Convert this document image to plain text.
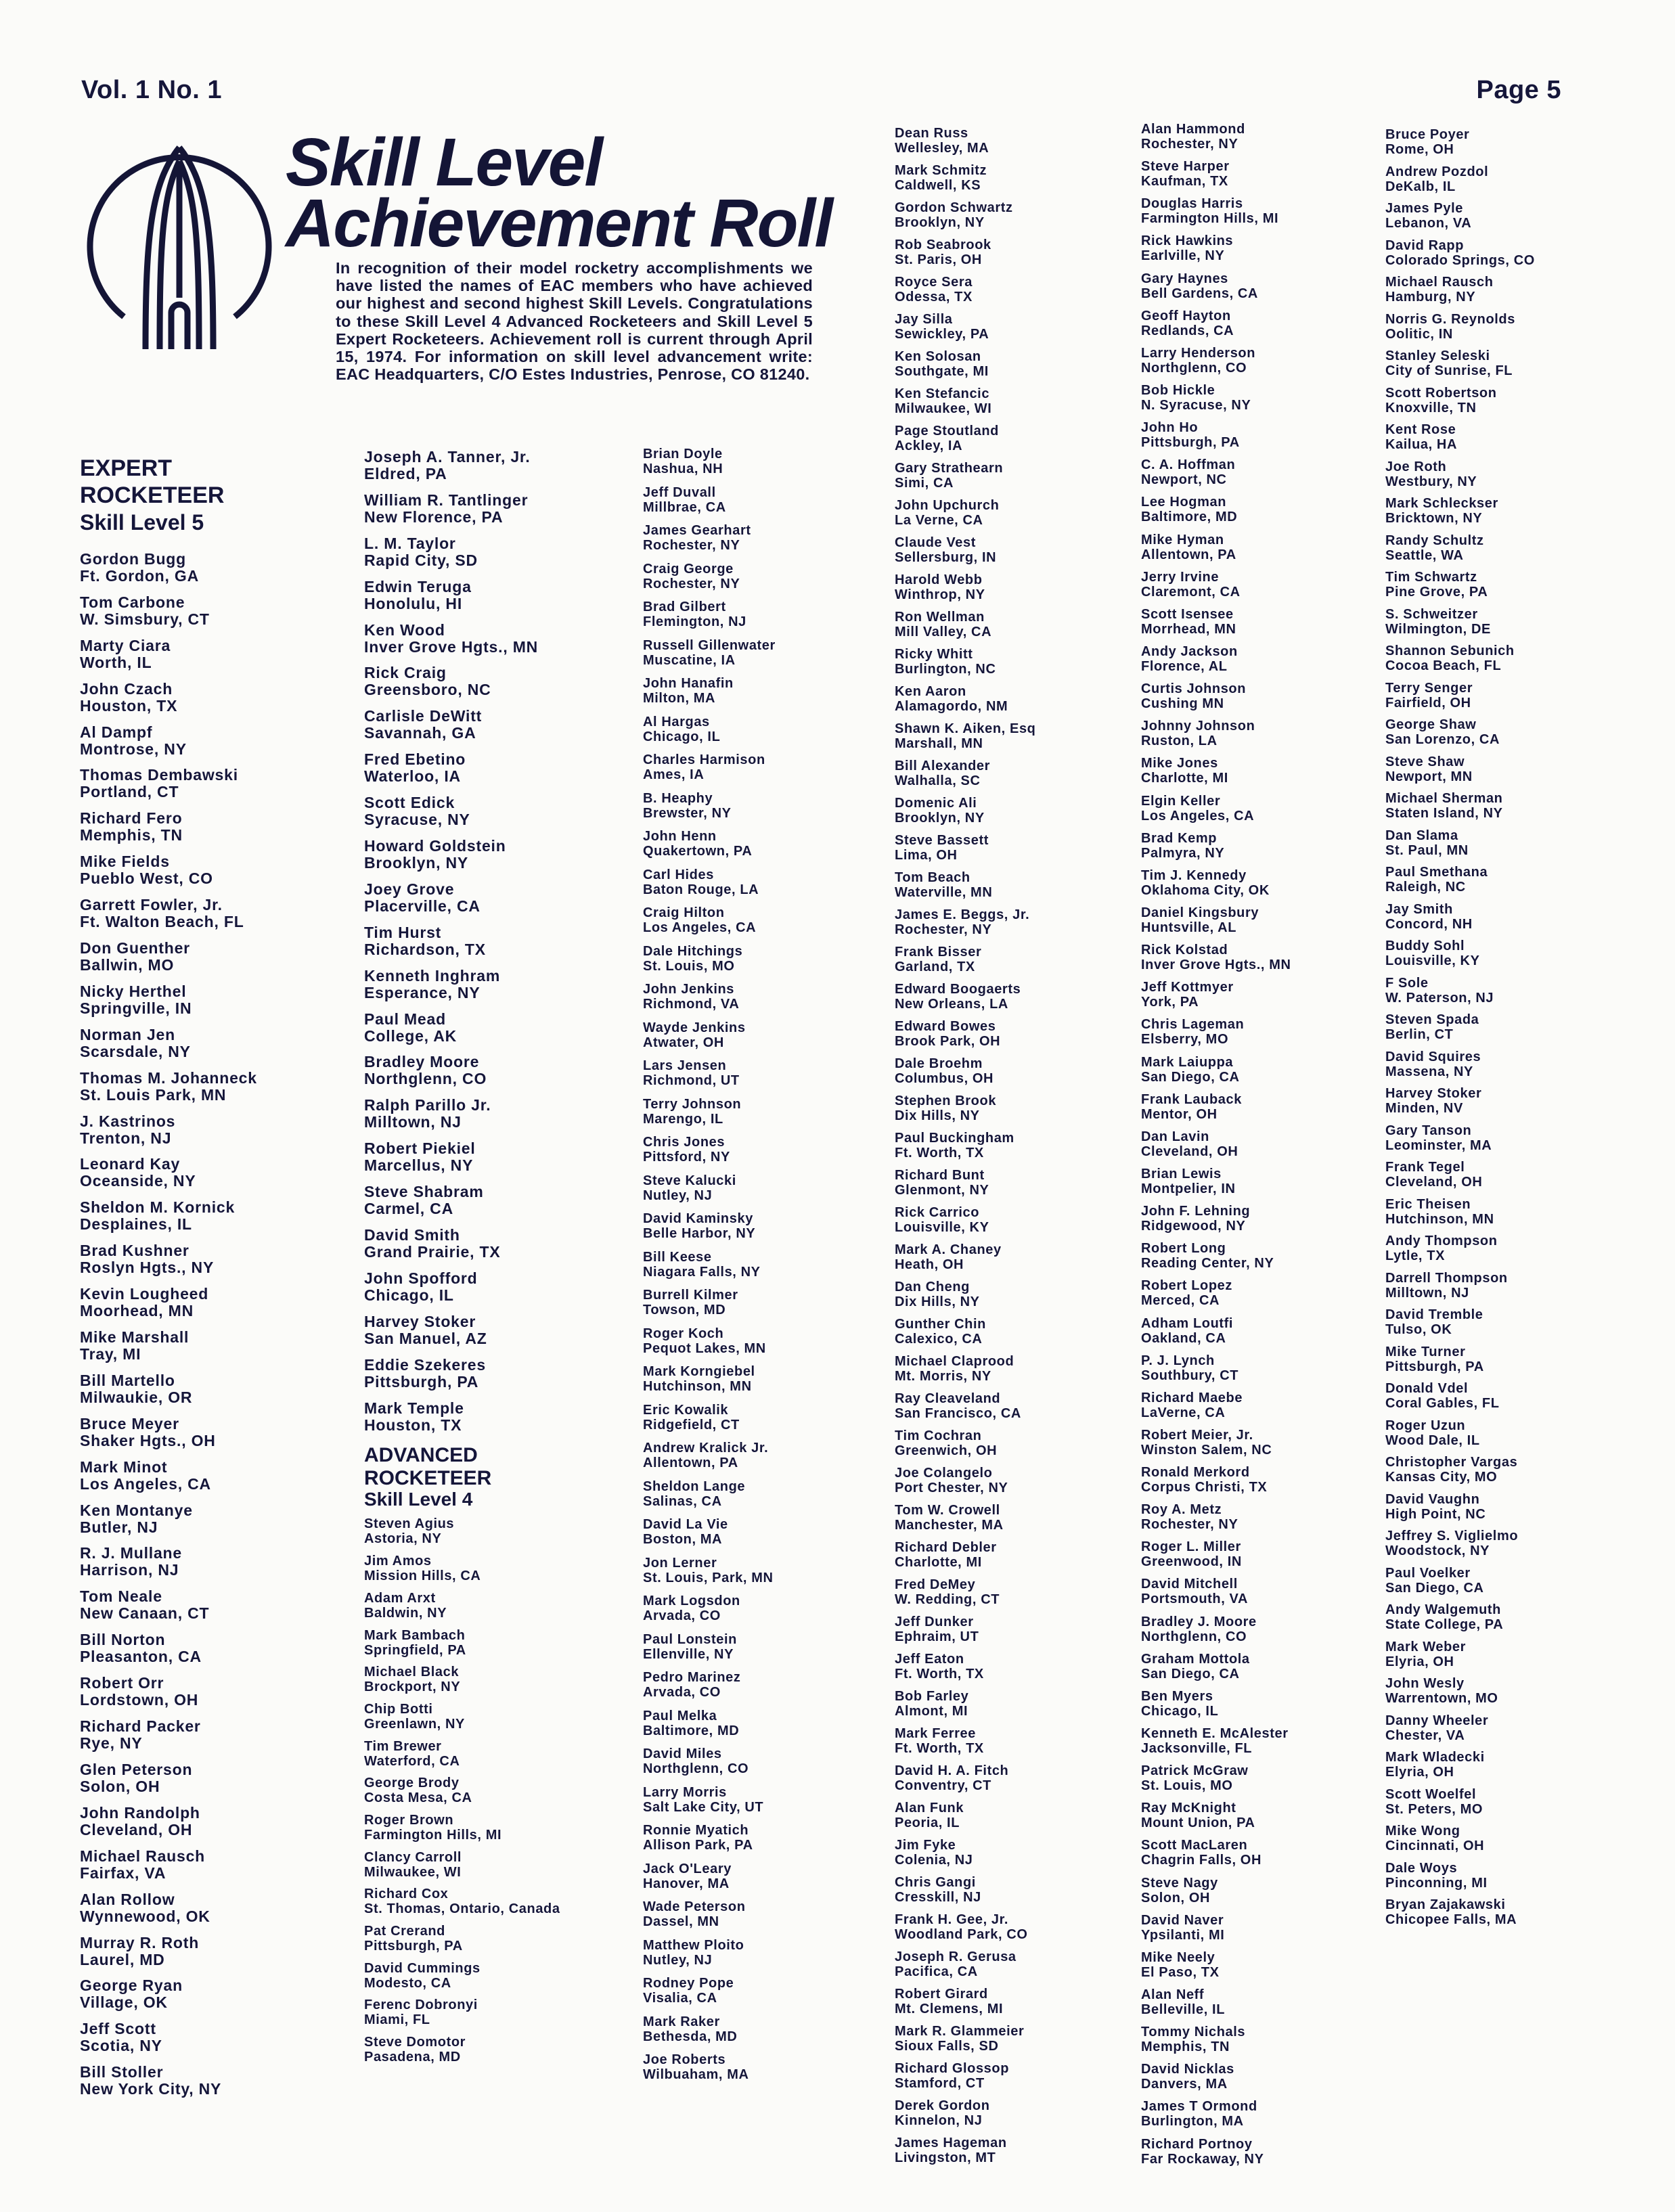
Vol. 1 No. 1	Page 5
Skill Level
Achievement Roll
In recognition of their model rocketry accomplishments we have listed the names of EAC members who have achieved our highest and second highest Skill Levels. Congratulations to these Skill Level 4 Advanced Rocketeers and Skill Level 5 Expert Rocketeers. Achievement roll is current through April 15, 1974. For information on skill level advancement write: EAC Headquarters, C/O Estes Industries, Penrose, CO 81240.
EXPERT
ROCKETEER
Skill Level 5
Gordon Bugg
Ft. Gordon, GA
Tom Carbone
W. Simsbury, CT
Marty Ciara
Worth, IL
John Czach
Houston, TX
Al Dampf
Montrose, NY
Thomas Dembawski
Portland, CT
Richard Fero
Memphis, TN
Mike Fields
Pueblo West, CO
Garrett Fowler, Jr.
Ft. Walton Beach, FL
Don Guenther
Ballwin, MO
Nicky Herthel
Springville, IN
Norman Jen
Scarsdale, NY
Thomas M. Johanneck
St. Louis Park, MN
J. Kastrinos
Trenton, NJ
Leonard Kay
Oceanside, NY
Sheldon M. Kornick
Desplaines, IL
Brad Kushner
Roslyn Hgts., NY
Kevin Lougheed
Moorhead, MN
Mike Marshall
Tray, MI
Bill Martello
Milwaukie, OR
Bruce Meyer
Shaker Hgts., OH
Mark Minot
Los Angeles, CA
Ken Montanye
Butler, NJ
R. J. Mullane
Harrison, NJ
Tom Neale
New Canaan, CT
Bill Norton
Pleasanton, CA
Robert Orr
Lordstown, OH
Richard Packer
Rye, NY
Glen Peterson
Solon, OH
John Randolph
Cleveland, OH
Michael Rausch
Fairfax, VA
Alan Rollow
Wynnewood, OK
Murray R. Roth
Laurel, MD
George Ryan
Village, OK
Jeff Scott
Scotia, NY
Bill Stoller
New York City, NY
Joseph A. Tanner, Jr.
Eldred, PA
William R. Tantlinger
New Florence, PA
L. M. Taylor
Rapid City, SD
Edwin Teruga
Honolulu, HI
Ken Wood
Inver Grove Hgts., MN
Rick Craig
Greensboro, NC
Carlisle DeWitt
Savannah, GA
Fred Ebetino
Waterloo, IA
Scott Edick
Syracuse, NY
Howard Goldstein
Brooklyn, NY
Joey Grove
Placerville, CA
Tim Hurst
Richardson, TX
Kenneth Inghram
Esperance, NY
Paul Mead
College, AK
Bradley Moore
Northglenn, CO
Ralph Parillo Jr.
Milltown, NJ
Robert Piekiel
Marcellus, NY
Steve Shabram
Carmel, CA
David Smith
Grand Prairie, TX
John Spofford
Chicago, IL
Harvey Stoker
San Manuel, AZ
Eddie Szekeres
Pittsburgh, PA
Mark Temple
Houston, TX
ADVANCED
ROCKETEER
Skill Level 4
Steven Agius
Astoria, NY
Jim Amos
Mission Hills, CA
Adam Arxt
Baldwin, NY
Mark Bambach
Springfield, PA
Michael Black
Brockport, NY
Chip Botti
Greenlawn, NY
Tim Brewer
Waterford, CA
George Brody
Costa Mesa, CA
Roger Brown
Farmington Hills, MI
Clancy Carroll
Milwaukee, WI
Richard Cox
St. Thomas, Ontario, Canada
Pat Crerand
Pittsburgh, PA
David Cummings
Modesto, CA
Ferenc Dobronyi
Miami, FL
Steve Domotor
Pasadena, MD
Brian Doyle
Nashua, NH
Jeff Duvall
Millbrae, CA
James Gearhart
Rochester, NY
Craig George
Rochester, NY
Brad Gilbert
Flemington, NJ
Russell Gillenwater
Muscatine, IA
John Hanafin
Milton, MA
Al Hargas
Chicago, IL
Charles Harmison
Ames, IA
B. Heaphy
Brewster, NY
John Henn
Quakertown, PA
Carl Hides
Baton Rouge, LA
Craig Hilton
Los Angeles, CA
Dale Hitchings
St. Louis, MO
John Jenkins
Richmond, VA
Wayde Jenkins
Atwater, OH
Lars Jensen
Richmond, UT
Terry Johnson
Marengo, IL
Chris Jones
Pittsford, NY
Steve Kalucki
Nutley, NJ
David Kaminsky
Belle Harbor, NY
Bill Keese
Niagara Falls, NY
Burrell Kilmer
Towson, MD
Roger Koch
Pequot Lakes, MN
Mark Korngiebel
Hutchinson, MN
Eric Kowalik
Ridgefield, CT
Andrew Kralick Jr.
Allentown, PA
Sheldon Lange
Salinas, CA
David La Vie
Boston, MA
Jon Lerner
St. Louis, Park, MN
Mark Logsdon
Arvada, CO
Paul Lonstein
Ellenville, NY
Pedro Marinez
Arvada, CO
Paul Melka
Baltimore, MD
David Miles
Northglenn, CO
Larry Morris
Salt Lake City, UT
Ronnie Myatich
Allison Park, PA
Jack O'Leary
Hanover, MA
Wade Peterson
Dassel, MN
Matthew Ploito
Nutley, NJ
Rodney Pope
Visalia, CA
Mark Raker
Bethesda, MD
Joe Roberts
Wilbuaham, MA
Dean Russ
Wellesley, MA
Mark Schmitz
Caldwell, KS
Gordon Schwartz
Brooklyn, NY
Rob Seabrook
St. Paris, OH
Royce Sera
Odessa, TX
Jay Silla
Sewickley, PA
Ken Solosan
Southgate, MI
Ken Stefancic
Milwaukee, WI
Page Stoutland
Ackley, IA
Gary Strathearn
Simi, CA
John Upchurch
La Verne, CA
Claude Vest
Sellersburg, IN
Harold Webb
Winthrop, NY
Ron Wellman
Mill Valley, CA
Ricky Whitt
Burlington, NC
Ken Aaron
Alamagordo, NM
Shawn K. Aiken, Esq
Marshall, MN
Bill Alexander
Walhalla, SC
Domenic Ali
Brooklyn, NY
Steve Bassett
Lima, OH
Tom Beach
Waterville, MN
James E. Beggs, Jr.
Rochester, NY
Frank Bisser
Garland, TX
Edward Boogaerts
New Orleans, LA
Edward Bowes
Brook Park, OH
Dale Broehm
Columbus, OH
Stephen Brook
Dix Hills, NY
Paul Buckingham
Ft. Worth, TX
Richard Bunt
Glenmont, NY
Rick Carrico
Louisville, KY
Mark A. Chaney
Heath, OH
Dan Cheng
Dix Hills, NY
Gunther Chin
Calexico, CA
Michael Claprood
Mt. Morris, NY
Ray Cleaveland
San Francisco, CA
Tim Cochran
Greenwich, OH
Joe Colangelo
Port Chester, NY
Tom W. Crowell
Manchester, MA
Richard Debler
Charlotte, MI
Fred DeMey
W. Redding, CT
Jeff Dunker
Ephraim, UT
Jeff Eaton
Ft. Worth, TX
Bob Farley
Almont, MI
Mark Ferree
Ft. Worth, TX
David H. A. Fitch
Conventry, CT
Alan Funk
Peoria, IL
Jim Fyke
Colenia, NJ
Chris Gangi
Cresskill, NJ
Frank H. Gee, Jr.
Woodland Park, CO
Joseph R. Gerusa
Pacifica, CA
Robert Girard
Mt. Clemens, MI
Mark R. Glammeier
Sioux Falls, SD
Richard Glossop
Stamford, CT
Derek Gordon
Kinnelon, NJ
James Hageman
Livingston, MT
Alan Hammond
Rochester, NY
Steve Harper
Kaufman, TX
Douglas Harris
Farmington Hills, MI
Rick Hawkins
Earlville, NY
Gary Haynes
Bell Gardens, CA
Geoff Hayton
Redlands, CA
Larry Henderson
Northglenn, CO
Bob Hickle
N. Syracuse, NY
John Ho
Pittsburgh, PA
C. A. Hoffman
Newport, NC
Lee Hogman
Baltimore, MD
Mike Hyman
Allentown, PA
Jerry Irvine
Claremont, CA
Scott Isensee
Morrhead, MN
Andy Jackson
Florence, AL
Curtis Johnson
Cushing MN
Johnny Johnson
Ruston, LA
Mike Jones
Charlotte, MI
Elgin Keller
Los Angeles, CA
Brad Kemp
Palmyra, NY
Tim J. Kennedy
Oklahoma City, OK
Daniel Kingsbury
Huntsville, AL
Rick Kolstad
Inver Grove Hgts., MN
Jeff Kottmyer
York, PA
Chris Lageman
Elsberry, MO
Mark Laiuppa
San Diego, CA
Frank Lauback
Mentor, OH
Dan Lavin
Cleveland, OH
Brian Lewis
Montpelier, IN
John F. Lehning
Ridgewood, NY
Robert Long
Reading Center, NY
Robert Lopez
Merced, CA
Adham Loutfi
Oakland, CA
P. J. Lynch
Southbury, CT
Richard Maebe
LaVerne, CA
Robert Meier, Jr.
Winston Salem, NC
Ronald Merkord
Corpus Christi, TX
Roy A. Metz
Rochester, NY
Roger L. Miller
Greenwood, IN
David Mitchell
Portsmouth, VA
Bradley J. Moore
Northglenn, CO
Graham Mottola
San Diego, CA
Ben Myers
Chicago, IL
Kenneth E. McAlester
Jacksonville, FL
Patrick McGraw
St. Louis, MO
Ray McKnight
Mount Union, PA
Scott MacLaren
Chagrin Falls, OH
Steve Nagy
Solon, OH
David Naver
Ypsilanti, MI
Mike Neely
El Paso, TX
Alan Neff
Belleville, IL
Tommy Nichals
Memphis, TN
David Nicklas
Danvers, MA
James T Ormond
Burlington, MA
Richard Portnoy
Far Rockaway, NY
Bruce Poyer
Rome, OH
Andrew Pozdol
DeKalb, IL
James Pyle
Lebanon, VA
David Rapp
Colorado Springs, CO
Michael Rausch
Hamburg, NY
Norris G. Reynolds
Oolitic, IN
Stanley Seleski
City of Sunrise, FL
Scott Robertson
Knoxville, TN
Kent Rose
Kailua, HA
Joe Roth
Westbury, NY
Mark Schleckser
Bricktown, NY
Randy Schultz
Seattle, WA
Tim Schwartz
Pine Grove, PA
S. Schweitzer
Wilmington, DE
Shannon Sebunich
Cocoa Beach, FL
Terry Senger
Fairfield, OH
George Shaw
San Lorenzo, CA
Steve Shaw
Newport, MN
Michael Sherman
Staten Island, NY
Dan Slama
St. Paul, MN
Paul Smethana
Raleigh, NC
Jay Smith
Concord, NH
Buddy Sohl
Louisville, KY
F Sole
W. Paterson, NJ
Steven Spada
Berlin, CT
David Squires
Massena, NY
Harvey Stoker
Minden, NV
Gary Tanson
Leominster, MA
Frank Tegel
Cleveland, OH
Eric Theisen
Hutchinson, MN
Andy Thompson
Lytle, TX
Darrell Thompson
Milltown, NJ
David Tremble
Tulso, OK
Mike Turner
Pittsburgh, PA
Donald Vdel
Coral Gables, FL
Roger Uzun
Wood Dale, IL
Christopher Vargas
Kansas City, MO
David Vaughn
High Point, NC
Jeffrey S. Viglielmo
Woodstock, NY
Paul Voelker
San Diego, CA
Andy Walgemuth
State College, PA
Mark Weber
Elyria, OH
John Wesly
Warrentown, MO
Danny Wheeler
Chester, VA
Mark Wladecki
Elyria, OH
Scott Woelfel
St. Peters, MO
Mike Wong
Cincinnati, OH
Dale Woys
Pinconning, MI
Bryan Zajakawski
Chicopee Falls, MA
